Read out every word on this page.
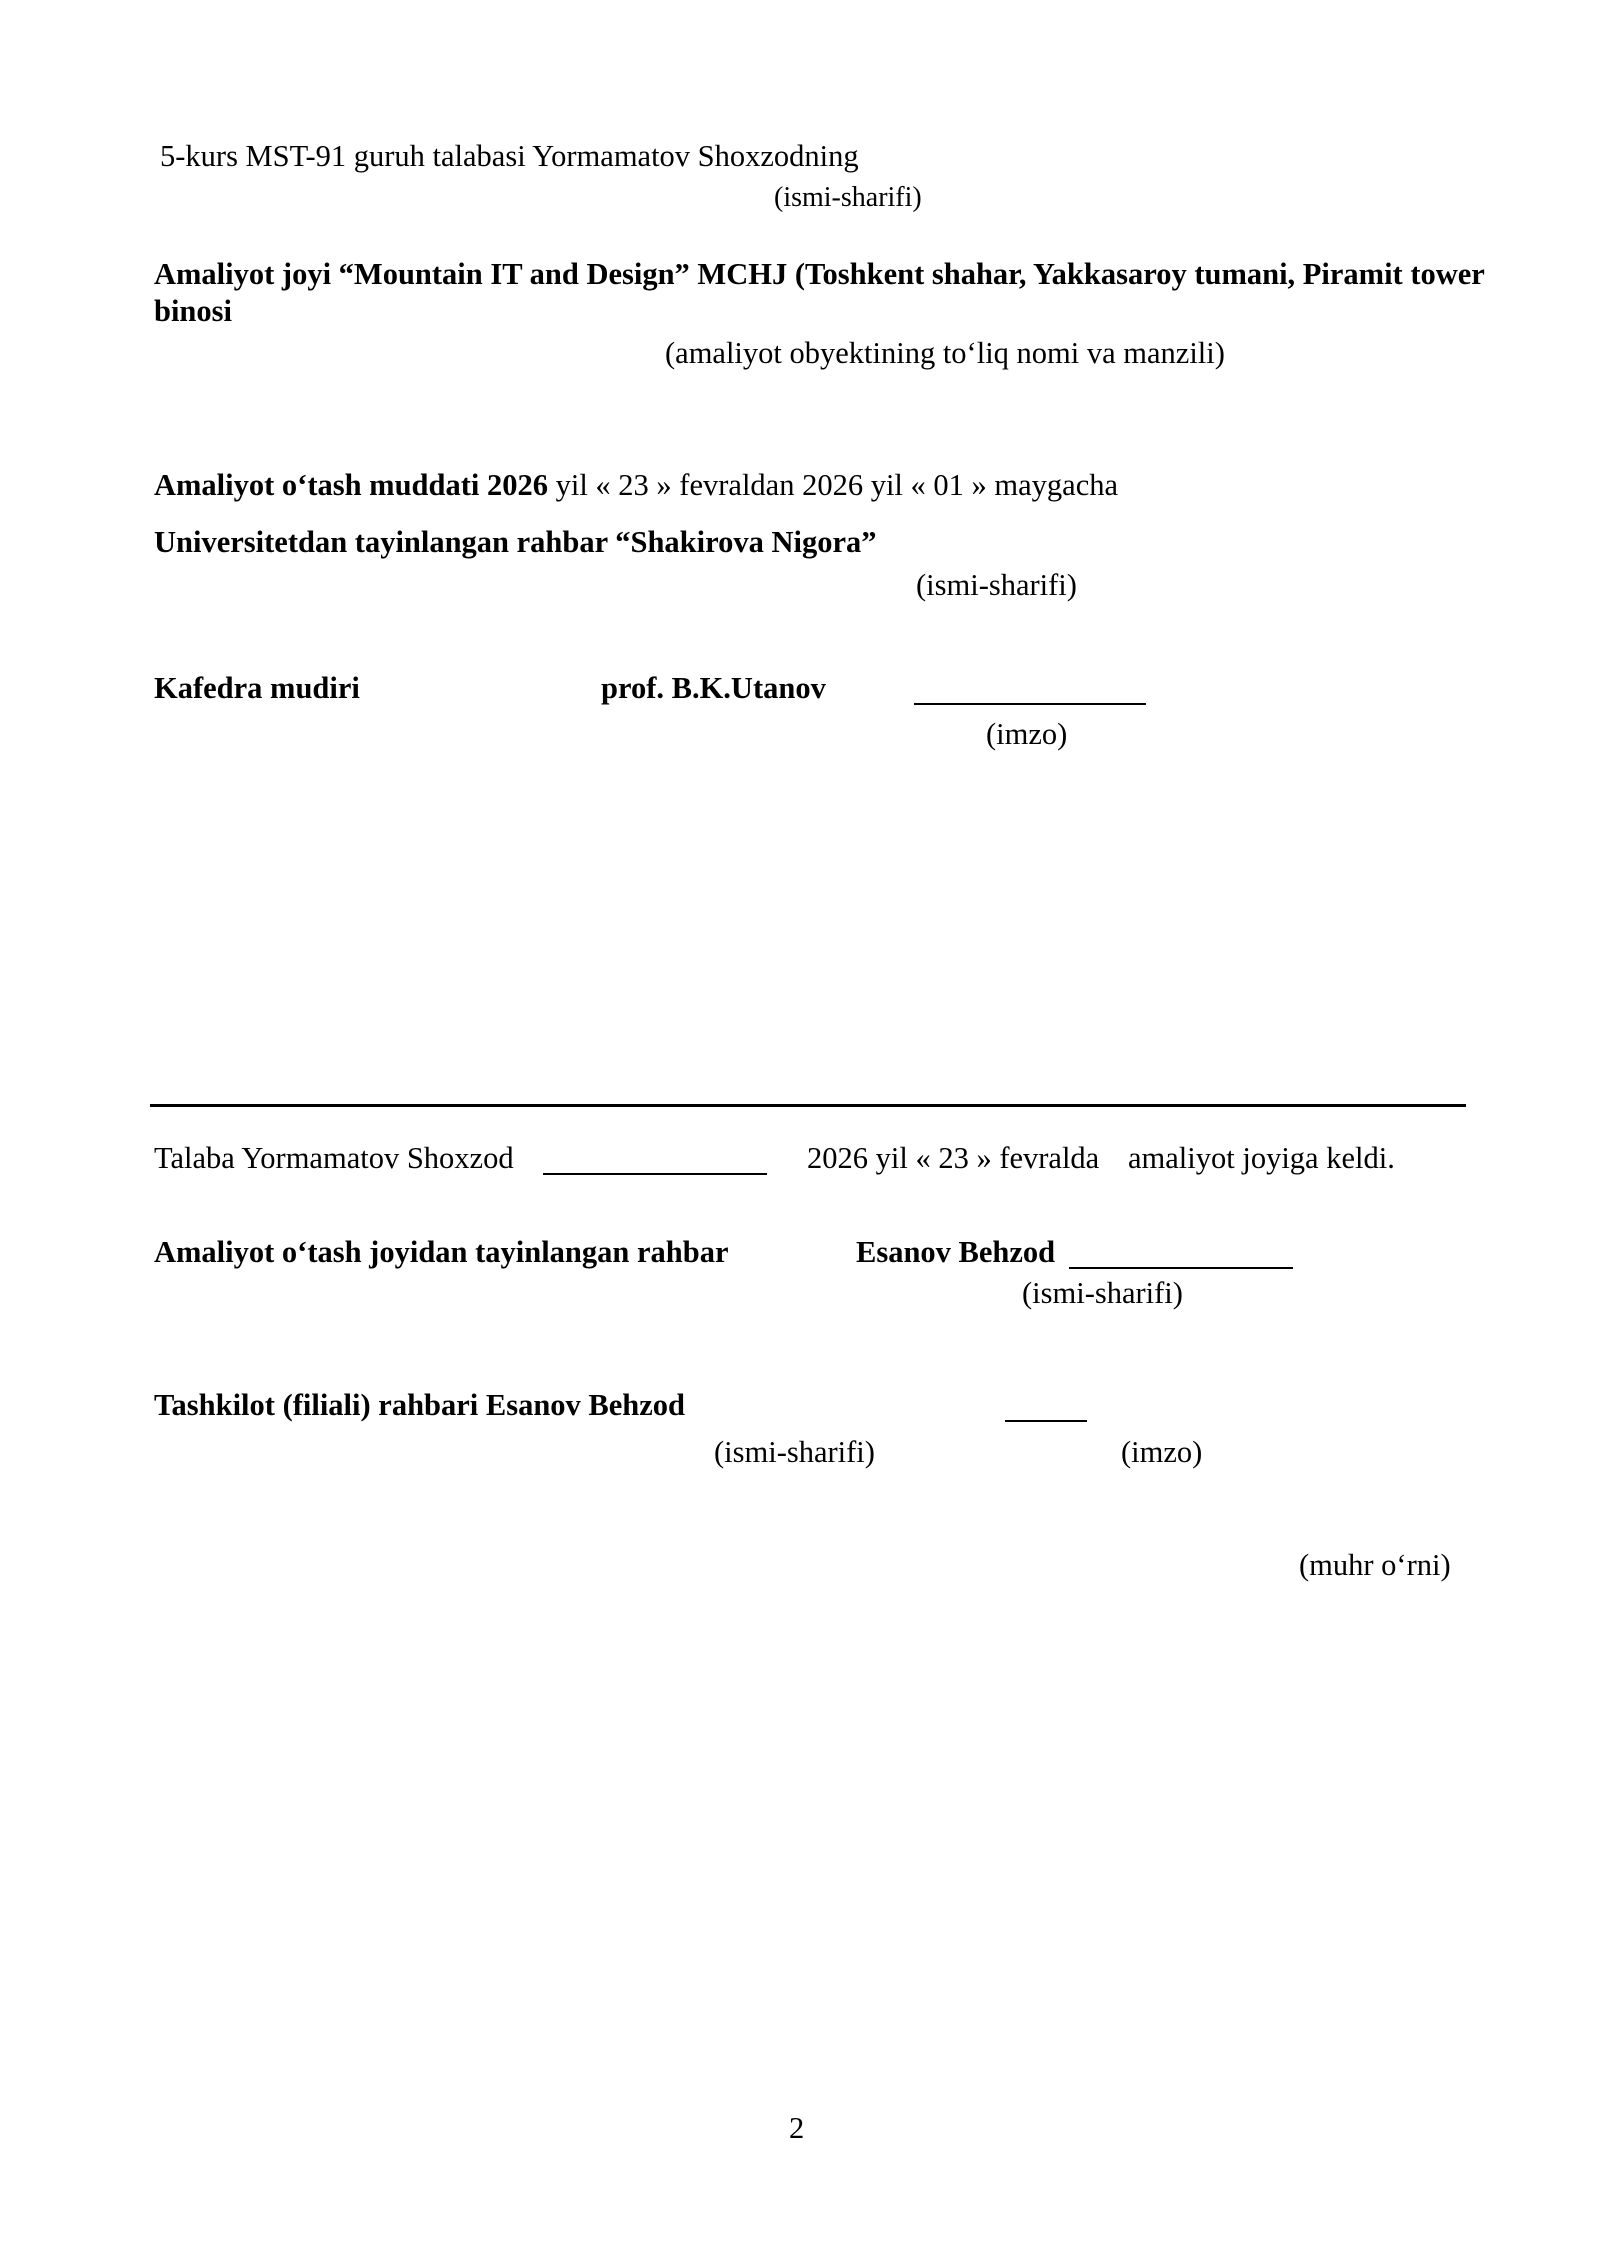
5-kurs MST-91 guruh talabasi Yormamatov Shoxzodning
(ismi-sharifi)
Amaliyot joyi “Mountain IT and Design” MCHJ (Toshkent shahar, Yakkasaroy tumani, Piramit tower binosi
(amaliyot obyektining to‘liq nomi va manzili)
Amaliyot o‘tash muddati 2026 yil « 23 » fevraldan 2026 yil « 01 » maygacha
Universitetdan tayinlangan rahbar “Shakirova Nigora”
(ismi-sharifi)
Kafedra mudiri	prof. B.K.Utanov
(imzo)
Talaba Yormamatov Shoxzod	2026 yil « 23 » fevralda amaliyot joyiga keldi.
Amaliyot o‘tash joyidan tayinlangan rahbar	Esanov Behzod
(ismi-sharifi)
Tashkilot (filiali) rahbari Esanov Behzod
(ismi-sharifi)	(imzo)
(muhr o‘rni)
2
